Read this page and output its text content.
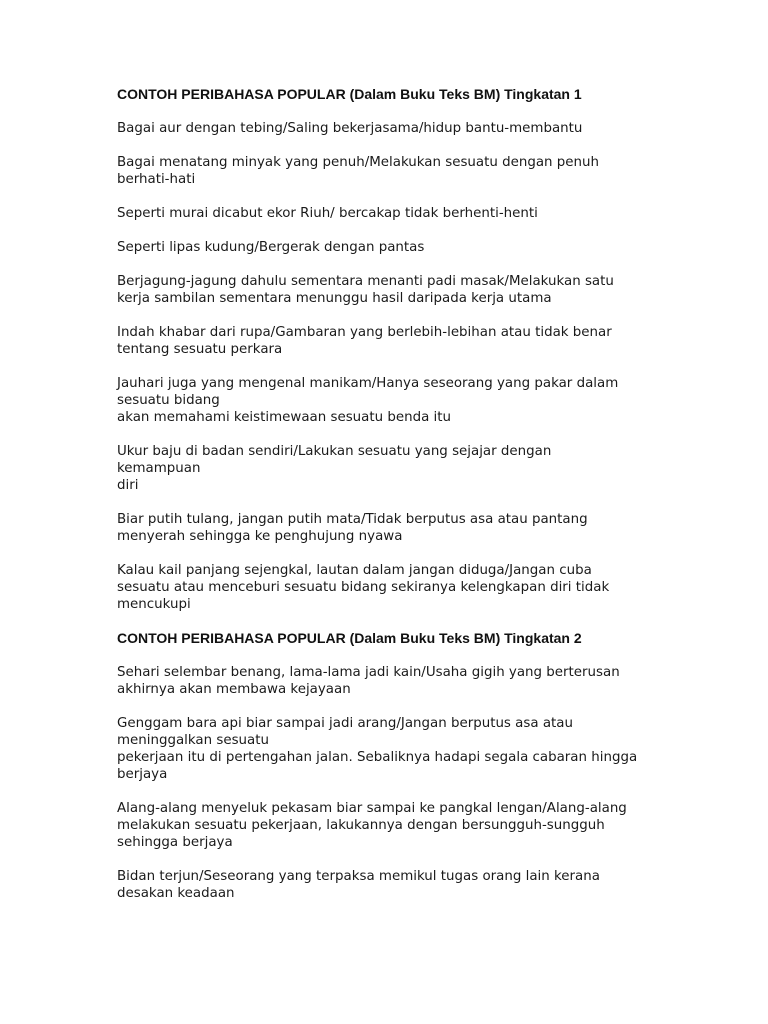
CONTOH PERIBAHASA POPULAR (Dalam Buku Teks BM) Tingkatan 1
Bagai aur dengan tebing/Saling bekerjasama/hidup bantu-membantu
Bagai menatang minyak yang penuh/Melakukan sesuatu dengan penuh
berhati-hati
Seperti murai dicabut ekor Riuh/ bercakap tidak berhenti-henti
Seperti lipas kudung/Bergerak dengan pantas
Berjagung-jagung dahulu sementara menanti padi masak/Melakukan satu
kerja sambilan sementara menunggu hasil daripada kerja utama
Indah khabar dari rupa/Gambaran yang berlebih-lebihan atau tidak benar
tentang sesuatu perkara
Jauhari juga yang mengenal manikam/Hanya seseorang yang pakar dalam
sesuatu bidang
akan memahami keistimewaan sesuatu benda itu
Ukur baju di badan sendiri/Lakukan sesuatu yang sejajar dengan
kemampuan
diri
Biar putih tulang, jangan putih mata/Tidak berputus asa atau pantang
menyerah sehingga ke penghujung nyawa
Kalau kail panjang sejengkal, lautan dalam jangan diduga/Jangan cuba
sesuatu atau menceburi sesuatu bidang sekiranya kelengkapan diri tidak
mencukupi
CONTOH PERIBAHASA POPULAR (Dalam Buku Teks BM) Tingkatan 2
Sehari selembar benang, lama-lama jadi kain/Usaha gigih yang berterusan
akhirnya akan membawa kejayaan
Genggam bara api biar sampai jadi arang/Jangan berputus asa atau
meninggalkan sesuatu
pekerjaan itu di pertengahan jalan. Sebaliknya hadapi segala cabaran hingga
berjaya
Alang-alang menyeluk pekasam biar sampai ke pangkal lengan/Alang-alang
melakukan sesuatu pekerjaan, lakukannya dengan bersungguh-sungguh
sehingga berjaya
Bidan terjun/Seseorang yang terpaksa memikul tugas orang lain kerana
desakan keadaan
